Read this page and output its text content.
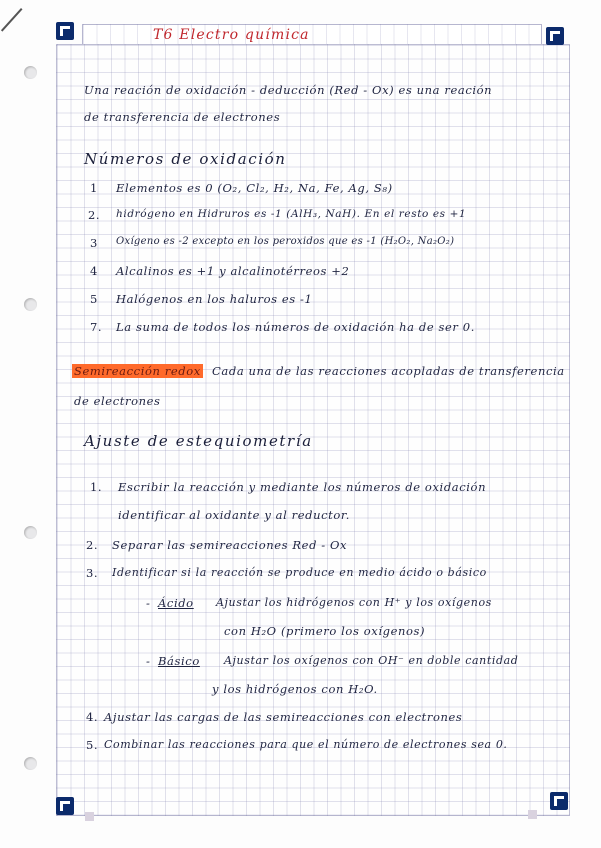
T6 Electro química
Una reación de oxidación - deducción (Red - Ox) es una reación
de transferencia de electrones
Números de oxidación
1 Elementos es 0 (O₂, Cl₂, H₂, Na, Fe, Ag, S₈)
2. hidrógeno en Hidruros es -1 (AlH₃, NaH). En el resto es +1
3 Oxígeno es -2 excepto en los peroxidos que es -1 (H₂O₂, Na₂O₂)
4 Alcalinos es +1 y alcalinotérreos +2
5 Halógenos en los haluros es -1
7. La suma de todos los números de oxidación ha de ser 0.
Semireacción redox Cada una de las reacciones acopladas de transferencia
de electrones
Ajuste de estequiometría
1. Escribir la reacción y mediante los números de oxidación
identificar al oxidante y al reductor.
2. Separar las semireacciones Red - Ox
3. Identificar si la reacción se produce en medio ácido o básico
- Ácido Ajustar los hidrógenos con H⁺ y los oxígenos
con H₂O (primero los oxígenos)
- Básico Ajustar los oxígenos con OH⁻ en doble cantidad
y los hidrógenos con H₂O.
4. Ajustar las cargas de las semireacciones con electrones
5. Combinar las reacciones para que el número de electrones sea 0.
